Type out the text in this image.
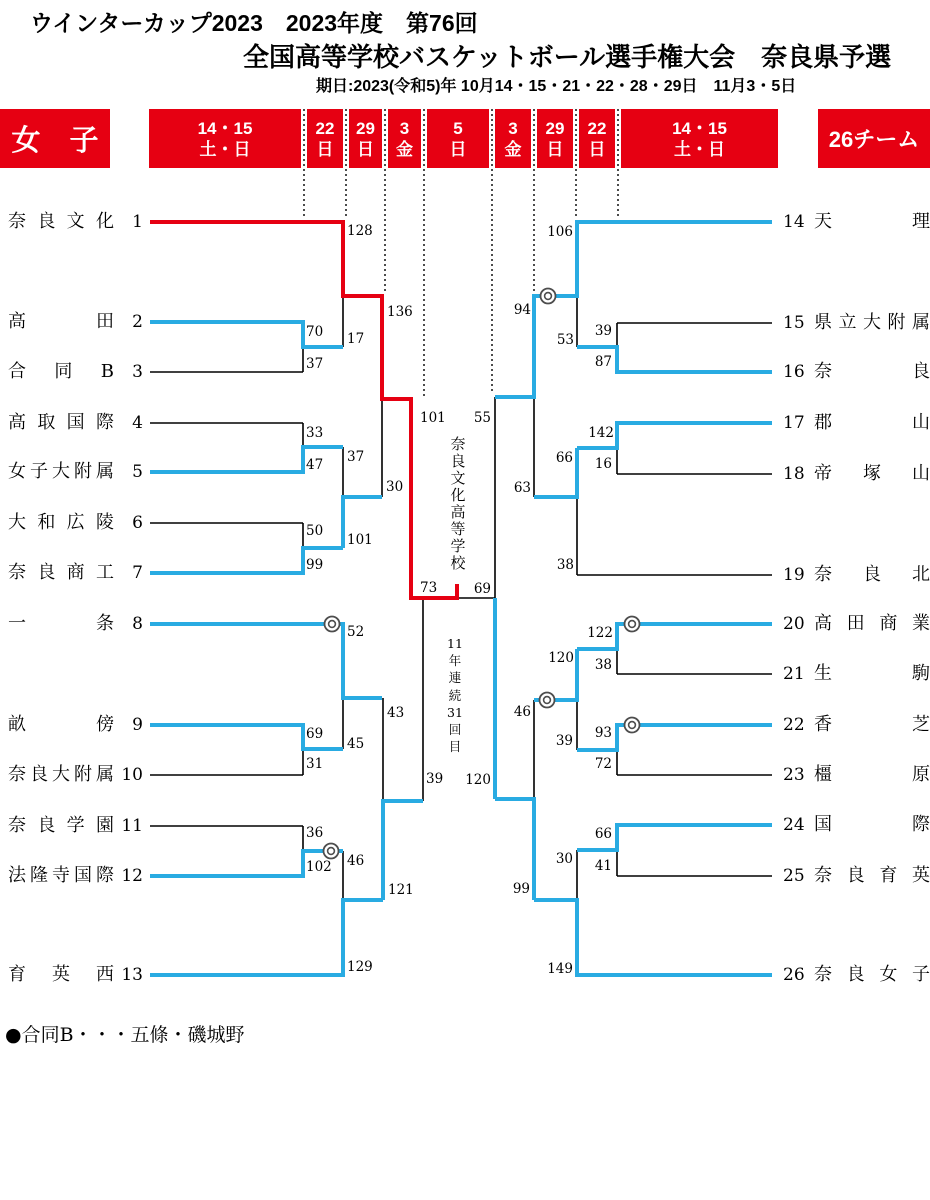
ウインターカップ2023　2023年度　第76回
全国高等学校バスケットボール選手権大会　奈良県予選
期日:2023(令和5)年 10月14・15・21・22・28・29日　11月3・5日
女　子	14・15
土・日
22
日
29
日
3
金
5
日
3
金
29
日
22
日
14・15
土・日	26チーム
奈 良 文 化	1
高	田	2
合 同 B	3
高 取 国 際	4
女 子 大 附 属	5
大 和 広 陵	6
奈 良 商 工	7
一	条	8
畝	傍	9
奈 良 大 附 属 10
奈 良 学 園 11
法 隆 寺 国 際 12
育 英 西 13
14 天	理
15 県 立 大 附 属
16 奈	良
17 郡	山
18 帝 塚 山
19 奈 良 北
20 高 田 商 業
21 生	駒
22 香	芝
23 橿	原
24 国	際
25 奈 良 育 英
26 奈 良 女 子
128
70 17
37
136
33
47 37
50
99
101
30
52
69
45
31
43
36
102 46
129
121
101
39
73
106
53
39
87
94
142
16
66
63
38
55
122
38
120
93
72
39
46
66
41
30
149
99
120
69
奈
良
文
化
高
等
学
校
11
年
連
続
31
回
目
●合同B・・・五條・磯城野
